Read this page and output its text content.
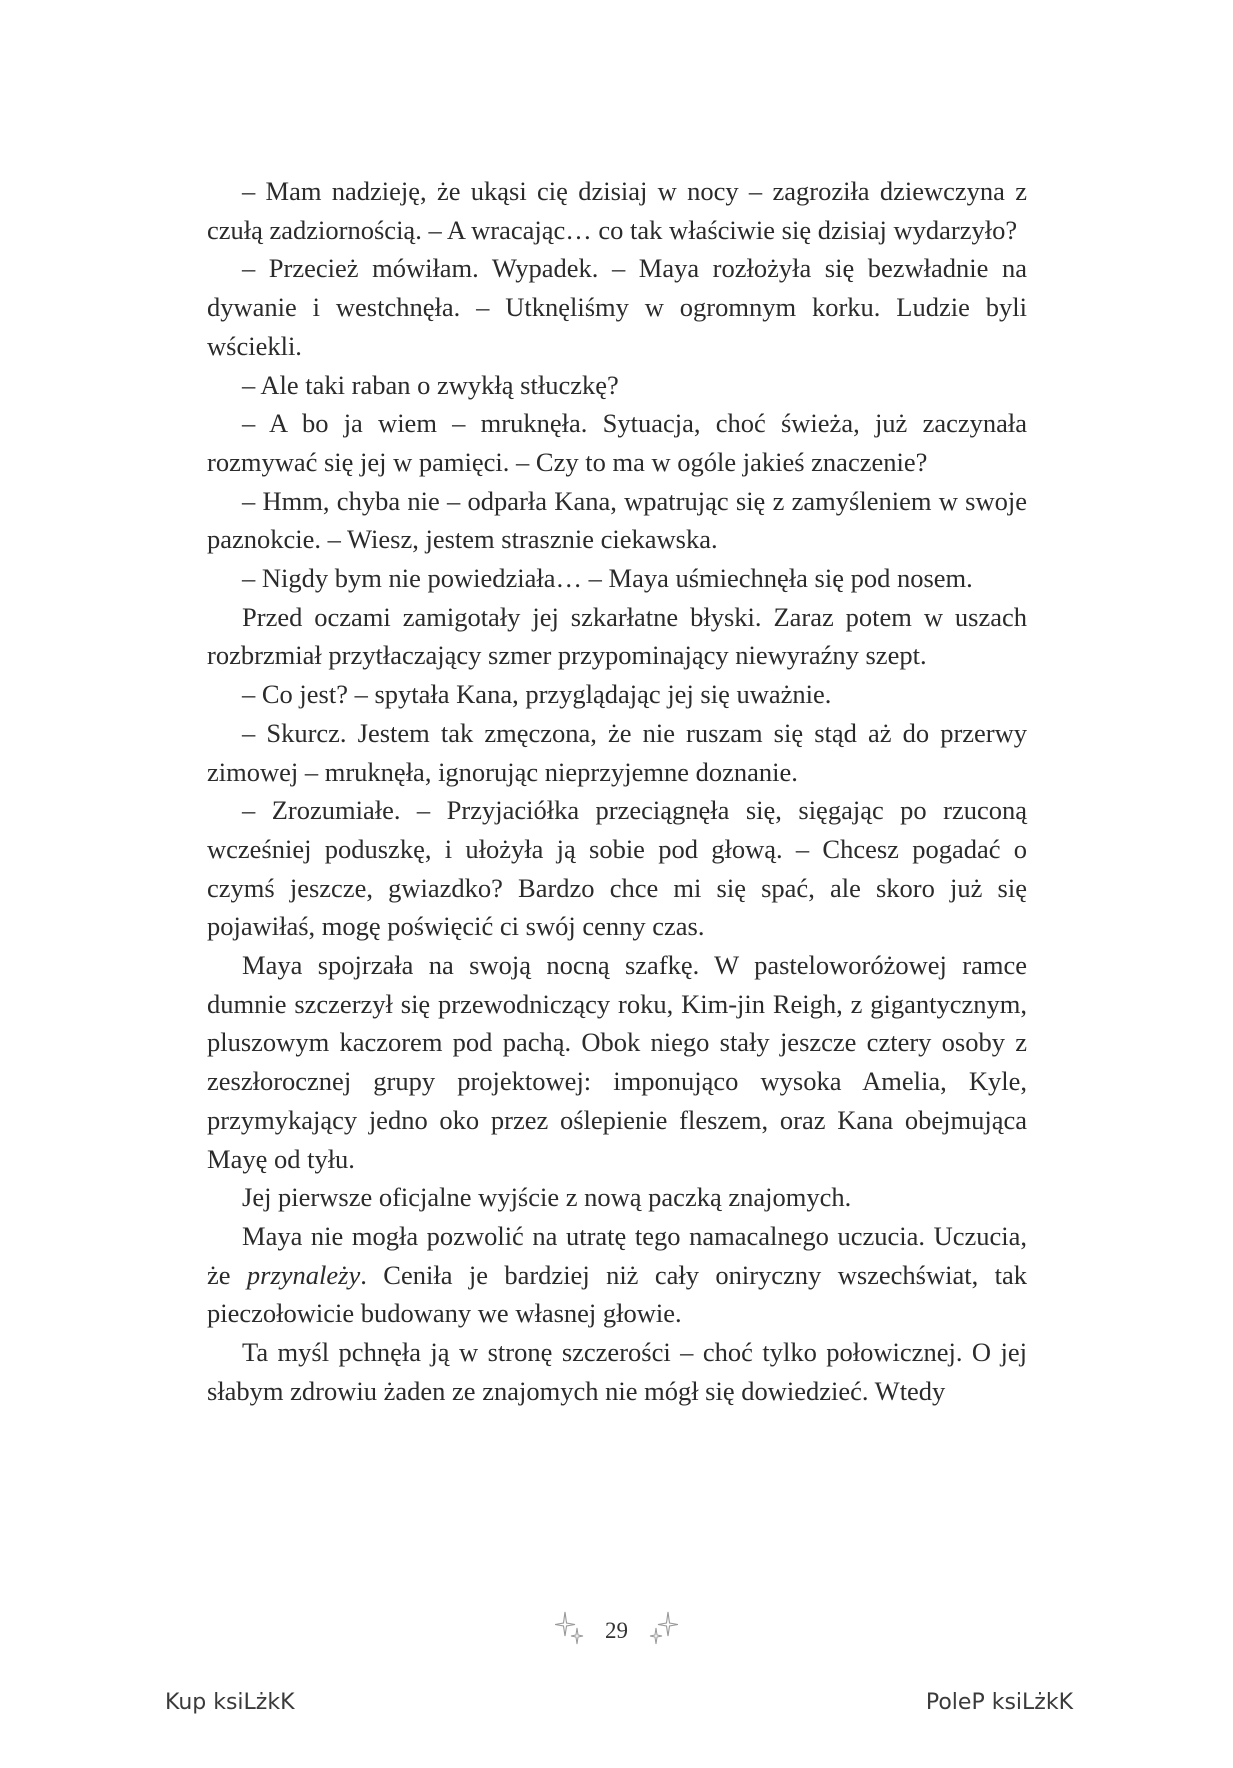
– Mam nadzieję, że ukąsi cię dzisiaj w nocy – zagroziła dziewczyna z czułą zadziornością. – A wracając… co tak właściwie się dzisiaj wydarzyło?

– Przecież mówiłam. Wypadek. – Maya rozłożyła się bezwładnie na dywanie i westchnęła. – Utknęliśmy w ogromnym korku. Ludzie byli wściekli.

– Ale taki raban o zwykłą stłuczkę?

– A bo ja wiem – mruknęła. Sytuacja, choć świeża, już zaczynała rozmywać się jej w pamięci. – Czy to ma w ogóle jakieś znaczenie?

– Hmm, chyba nie – odparła Kana, wpatrując się z zamyśleniem w swoje paznokcie. – Wiesz, jestem strasznie ciekawska.

– Nigdy bym nie powiedziała… – Maya uśmiechnęła się pod nosem.

Przed oczami zamigotały jej szkarłatne błyski. Zaraz potem w uszach rozbrzmiał przytłaczający szmer przypominający niewyraźny szept.

– Co jest? – spytała Kana, przyglądając jej się uważnie.

– Skurcz. Jestem tak zmęczona, że nie ruszam się stąd aż do przerwy zimowej – mruknęła, ignorując nieprzyjemne doznanie.

– Zrozumiałe. – Przyjaciółka przeciągnęła się, sięgając po rzuconą wcześniej poduszkę, i ułożyła ją sobie pod głową. – Chcesz pogadać o czymś jeszcze, gwiazdko? Bardzo chce mi się spać, ale skoro już się pojawiłaś, mogę poświęcić ci swój cenny czas.

Maya spojrzała na swoją nocną szafkę. W pasteloworóżowej ramce dumnie szczerzył się przewodniczący roku, Kim-jin Reigh, z gigantycznym, pluszowym kaczorem pod pachą. Obok niego stały jeszcze cztery osoby z zeszłorocznej grupy projektowej: imponująco wysoka Amelia, Kyle, przymykający jedno oko przez oślepienie fleszem, oraz Kana obejmująca Mayę od tyłu.

Jej pierwsze oficjalne wyjście z nową paczką znajomych.

Maya nie mogła pozwolić na utratę tego namacalnego uczucia. Uczucia, że przynależy. Ceniła je bardziej niż cały oniryczny wszechświat, tak pieczołowicie budowany we własnej głowie.

Ta myśl pchnęła ją w stronę szczerości – choć tylko połowicznej. O jej słabym zdrowiu żaden ze znajomych nie mógł się dowiedzieć. Wtedy

29
Kup ksiLżkK	PoleP ksiLżkK
